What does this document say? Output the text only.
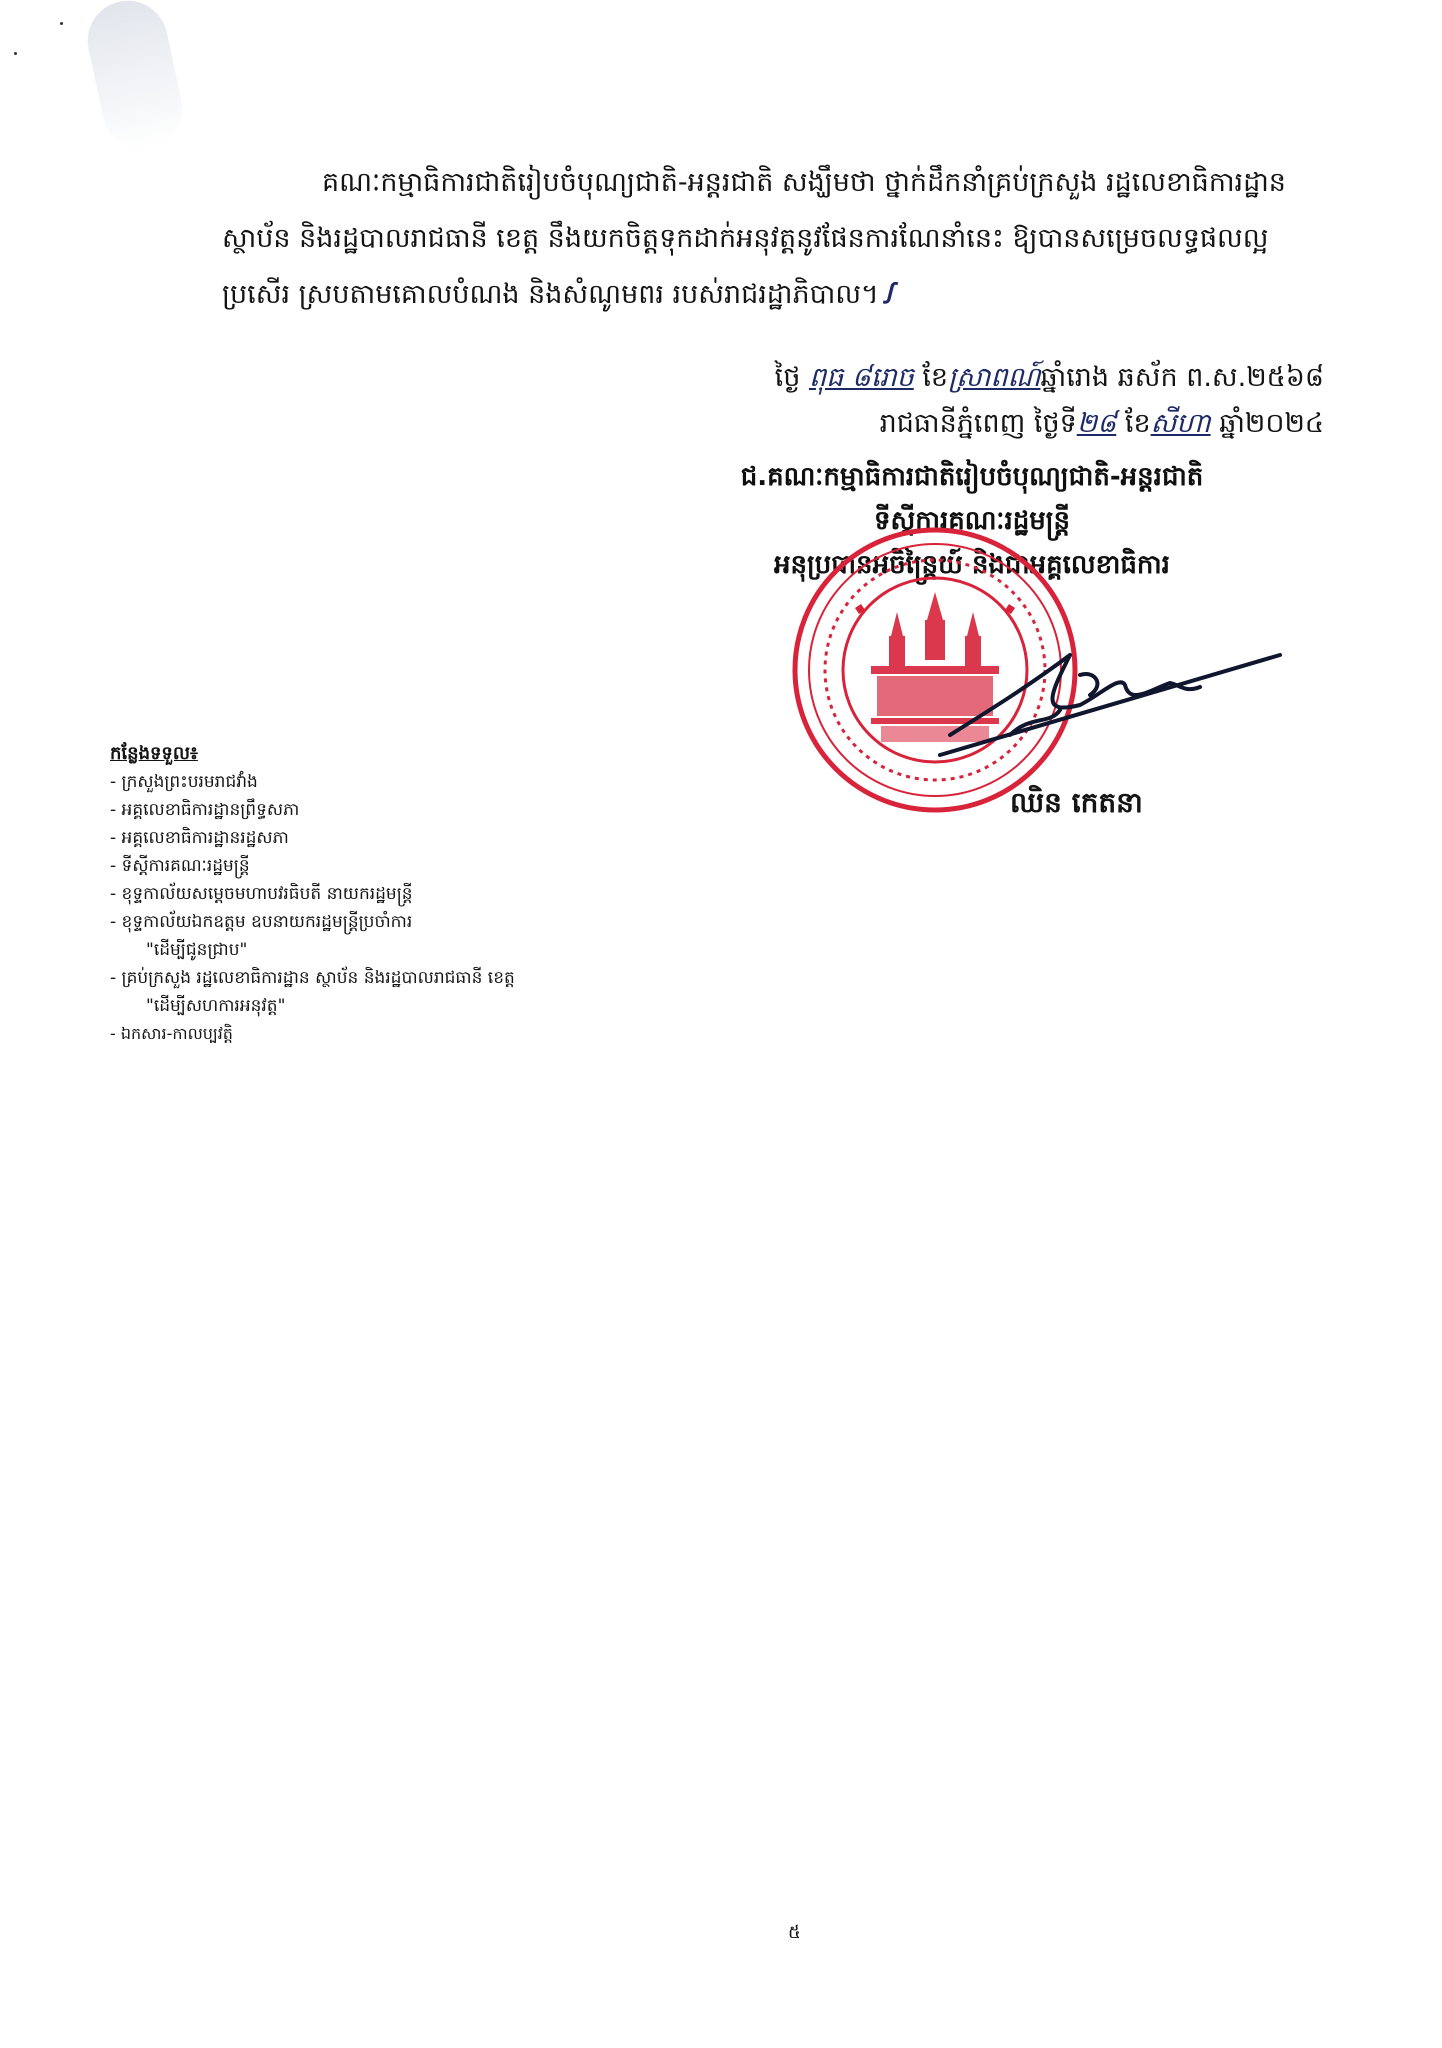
គណៈកម្មាធិការជាតិរៀបចំបុណ្យជាតិ-អន្តរជាតិ សង្ឃឹមថា ថ្នាក់ដឹកនាំគ្រប់ក្រសួង រដ្ឋលេខាធិការដ្ឋាន
ស្ថាប័ន និងរដ្ឋបាលរាជធានី ខេត្ត នឹងយកចិត្តទុកដាក់អនុវត្តនូវផែនការណែនាំនេះ ឱ្យបានសម្រេចលទ្ធផលល្អ
ប្រសើរ ស្របតាមគោលបំណង និងសំណូមពរ របស់រាជរដ្ឋាភិបាល។ ꭍ
ថ្ងៃ ពុធ ៨រោច ខែស្រាពណ៍ឆ្នាំរោង ឆស័ក ព.ស.២៥៦៨
រាជធានីភ្នំពេញ ថ្ងៃទី២៨ ខែសីហា ឆ្នាំ២០២៤
ជ.គណៈកម្មាធិការជាតិរៀបចំបុណ្យជាតិ-អន្តរជាតិ
ទីស្តីការគណៈរដ្ឋមន្ត្រី
អនុប្រធានអចិន្ត្រៃយ៍ និងជាអគ្គលេខាធិការ
ឈិន កេតនា
កន្លែងទទួល៖
- ក្រសួងព្រះបរមរាជវាំង
- អគ្គលេខាធិការដ្ឋានព្រឹទ្ធសភា
- អគ្គលេខាធិការដ្ឋានរដ្ឋសភា
- ទីស្តីការគណៈរដ្ឋមន្ត្រី
- ខុទ្ទកាល័យសម្តេចមហាបវរធិបតី នាយករដ្ឋមន្ត្រី
- ខុទ្ទកាល័យឯកឧត្តម ឧបនាយករដ្ឋមន្ត្រីប្រចាំការ
"ដើម្បីជូនជ្រាប"
- គ្រប់ក្រសួង រដ្ឋលេខាធិការដ្ឋាន ស្ថាប័ន និងរដ្ឋបាលរាជធានី ខេត្ត
"ដើម្បីសហការអនុវត្ត"
- ឯកសារ-កាលប្បវត្តិ
៥
